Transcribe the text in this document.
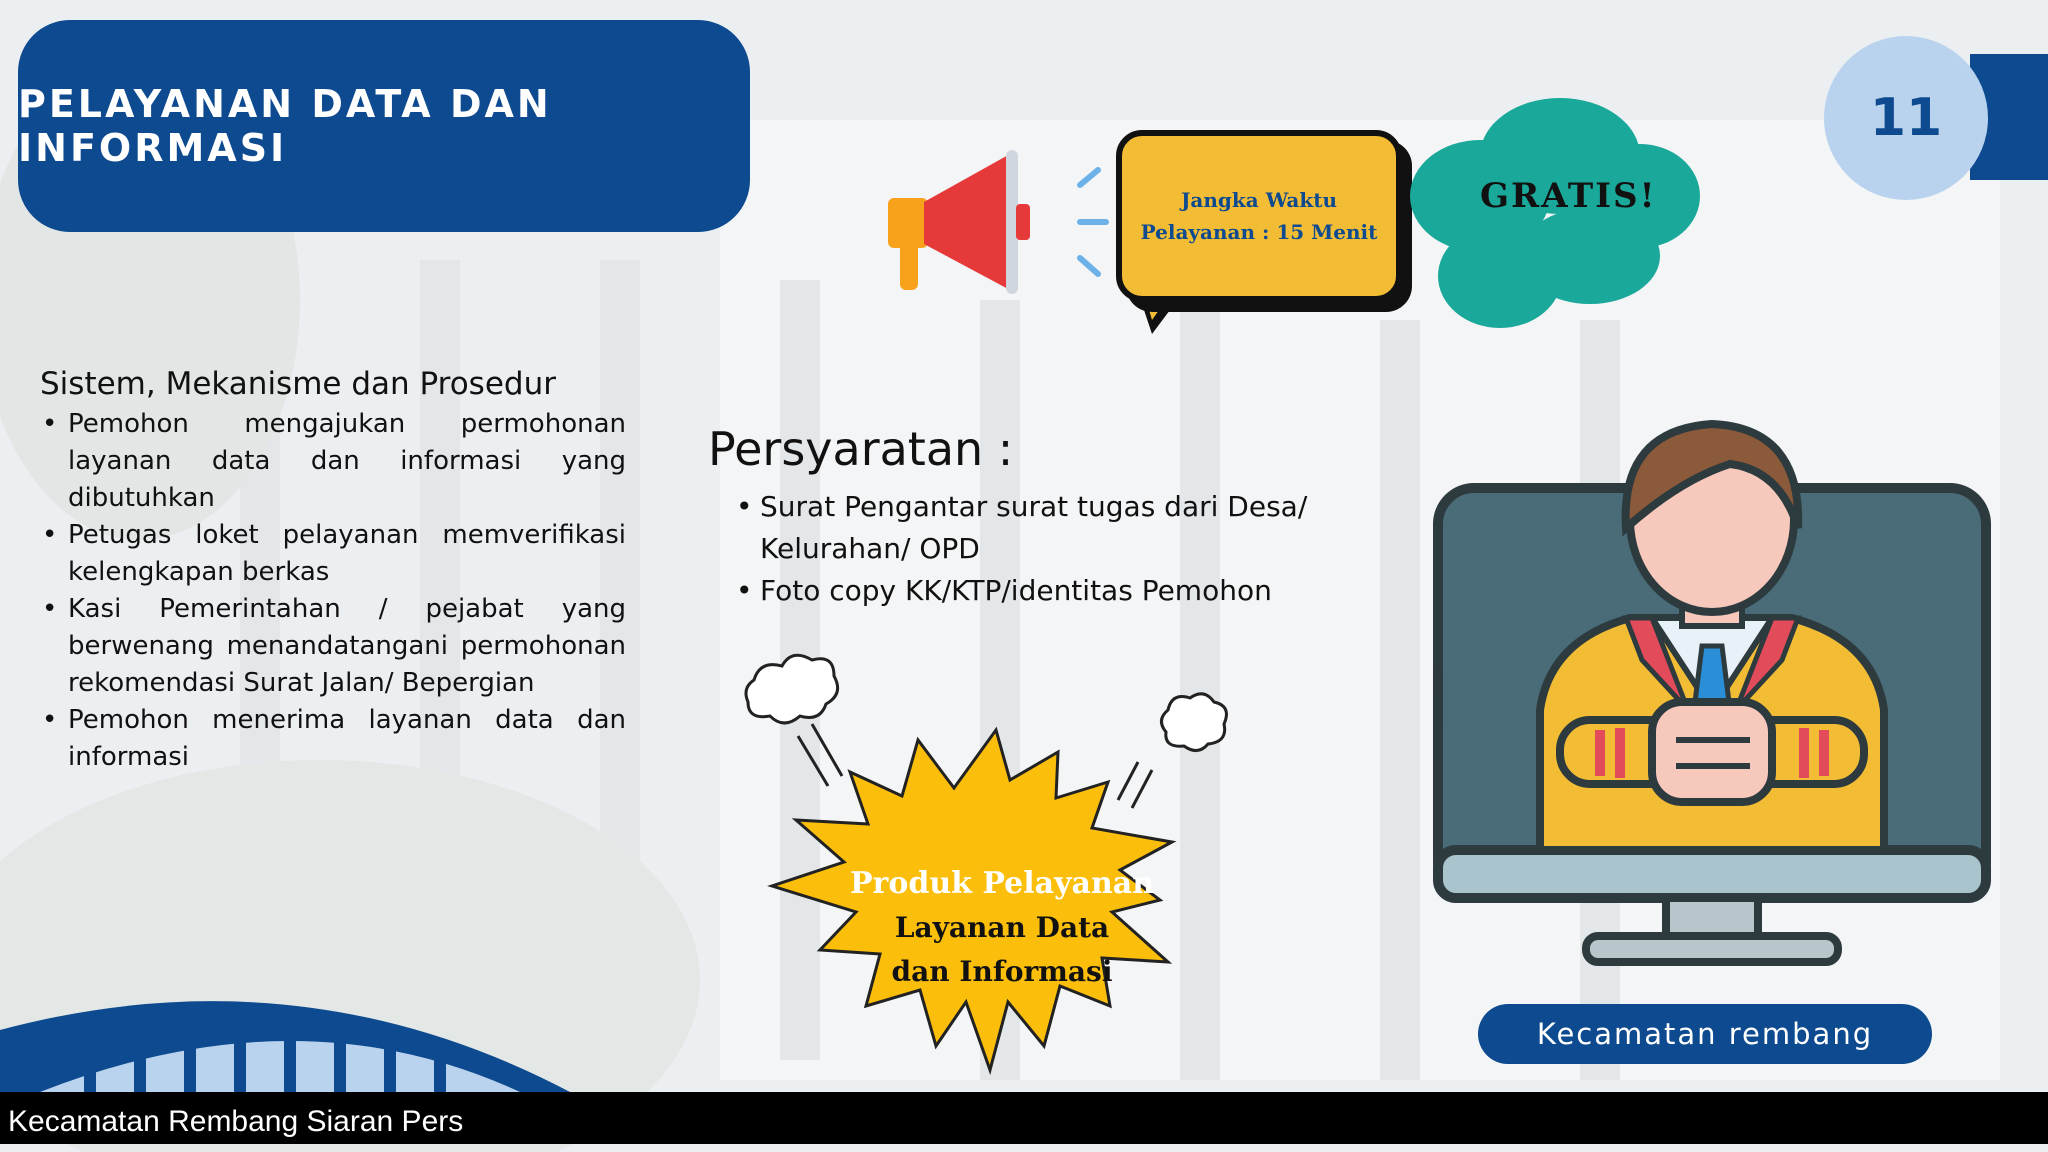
PELAYANAN DATA DAN INFORMASI	11
Jangka Waktu
Pelayanan : 15 Menit
GRATIS!
Sistem, Mekanisme dan Prosedur
• Pemohon mengajukan permohonan layanan data dan informasi yang dibutuhkan
• Petugas loket pelayanan memverifikasi kelengkapan berkas
• Kasi Pemerintahan / pejabat yang berwenang menandatangani permohonan rekomendasi Surat Jalan/ Bepergian
• Pemohon menerima layanan data dan informasi
Persyaratan :
• Surat Pengantar surat tugas dari Desa/ Kelurahan/ OPD
• Foto copy KK/KTP/identitas Pemohon
Produk Pelayanan
Layanan Data
dan Informasi
Kecamatan rembang
Kecamatan Rembang Siaran Pers
